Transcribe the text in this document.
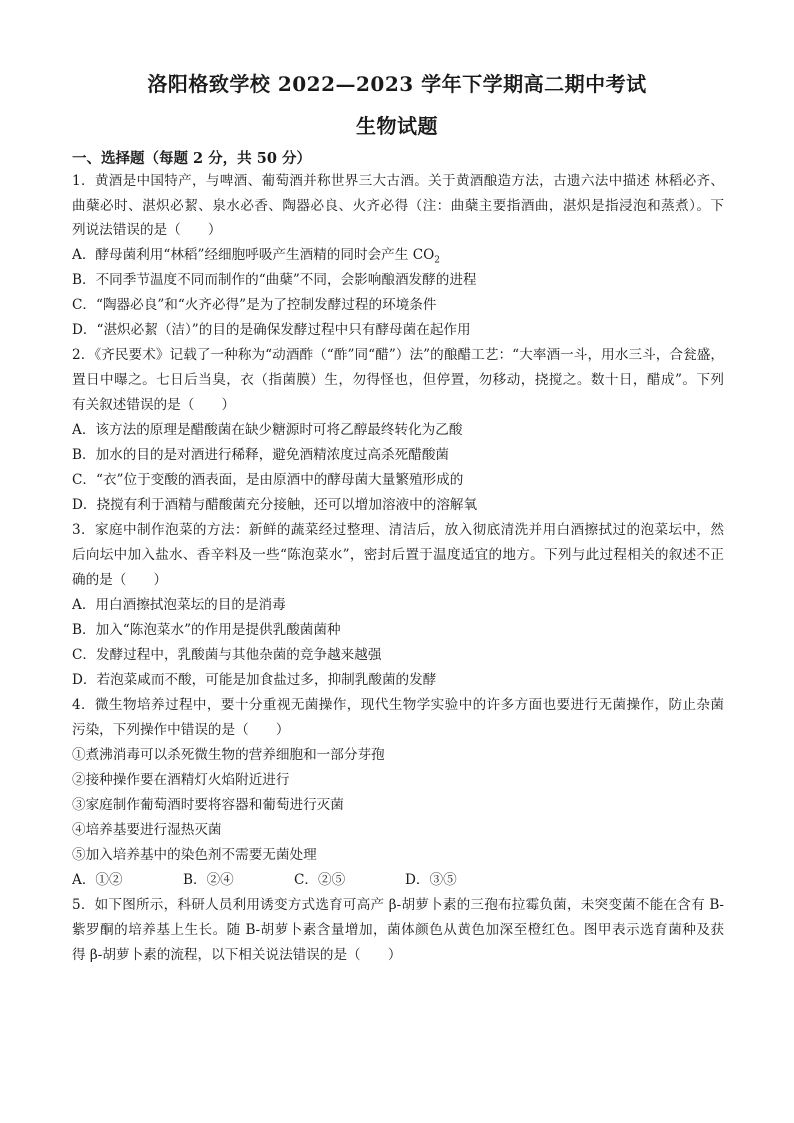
洛阳格致学校 2022—2023 学年下学期高二期中考试
生物试题
一、选择题（每题 2 分，共 50 分）
1．黄酒是中国特产，与啤酒、葡萄酒并称世界三大古酒。关于黄酒酿造方法，古遗六法中描述 林稻必齐、
曲蘖必时、湛炽必絜、泉水必香、陶器必良、火齐必得（注：曲蘖主要指酒曲，湛炽是指浸泡和蒸煮）。下
列说法错误的是（　　）
A．酵母菌利用“林稻”经细胞呼吸产生酒精的同时会产生 $CO_2$
B．不同季节温度不同而制作的“曲蘖”不同，会影响酿酒发酵的进程
C．“陶器必良”和“火齐必得”是为了控制发酵过程的环境条件
D．“湛炽必絜（洁）”的目的是确保发酵过程中只有酵母菌在起作用
2．《齐民要术》记载了一种称为“动酒酢（“酢”同“醋”）法”的酿醋工艺：“大率酒一斗，用水三斗，合瓮盛，
置日中曝之。七日后当臭，衣（指菌膜）生，勿得怪也，但停置，勿移动，挠搅之。数十日，醋成”。下列
有关叙述错误的是（　　）
A．该方法的原理是醋酸菌在缺少糖源时可将乙醇最终转化为乙酸
B．加水的目的是对酒进行稀释，避免酒精浓度过高杀死醋酸菌
C．“衣”位于变酸的酒表面，是由原酒中的酵母菌大量繁殖形成的
D．挠搅有利于酒精与醋酸菌充分接触，还可以增加溶液中的溶解氧
3．家庭中制作泡菜的方法：新鲜的蔬菜经过整理、清洁后，放入彻底清洗并用白酒擦拭过的泡菜坛中，然
后向坛中加入盐水、香辛料及一些“陈泡菜水”，密封后置于温度适宜的地方。下列与此过程相关的叙述不正
确的是（　　）
A．用白酒擦拭泡菜坛的目的是消毒
B．加入“陈泡菜水”的作用是提供乳酸菌菌种
C．发酵过程中，乳酸菌与其他杂菌的竞争越来越强
D．若泡菜咸而不酸，可能是加食盐过多，抑制乳酸菌的发酵
4．微生物培养过程中，要十分重视无菌操作，现代生物学实验中的许多方面也要进行无菌操作，防止杂菌
污染，下列操作中错误的是（　　）
①煮沸消毒可以杀死微生物的营养细胞和一部分芽孢
②接种操作要在酒精灯火焰附近进行
③家庭制作葡萄酒时要将容器和葡萄进行灭菌
④培养基要进行湿热灭菌
⑤加入培养基中的染色剂不需要无菌处理
A．①②	B．②④	C．②⑤	D．③⑤
5．如下图所示，科研人员利用诱变方式选育可高产 β-胡萝卜素的三孢布拉霉负菌，未突变菌不能在含有 Β-
紫罗酮的培养基上生长。随 Β-胡萝卜素含量增加，菌体颜色从黄色加深至橙红色。图甲表示选育菌种及获
得 β-胡萝卜素的流程，以下相关说法错误的是（　　）
